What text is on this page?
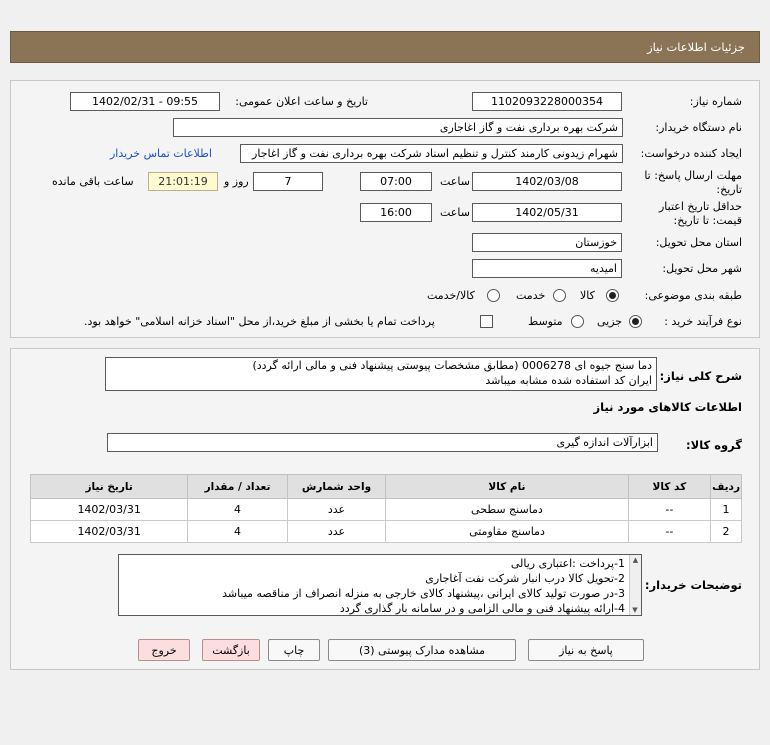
جزئیات اطلاعات نیاز
شماره نیاز:
1102093228000354
تاریخ و ساعت اعلان عمومی:
1402/02/31 - 09:55
نام دستگاه خریدار:
شرکت بهره برداری نفت و گاز اغاجاری
ایجاد کننده درخواست:
شهرام زیدونی کارمند کنترل و تنظیم اسناد شرکت بهره برداری نفت و گاز اغاجار
اطلاعات تماس خریدار
مهلت ارسال پاسخ: تا
تاریخ:
1402/03/08
ساعت
07:00
7
روز و
21:01:19
ساعت باقی مانده
حداقل تاریخ اعتبار
قیمت: تا تاریخ:
1402/05/31
ساعت
16:00
استان محل تحویل:
خوزستان
شهر محل تحویل:
امیدیه
طبقه بندی موضوعی:
کالا
خدمت
کالا/خدمت
نوع فرآیند خرید :
جزیی
متوسط
پرداخت تمام یا بخشی از مبلغ خرید،از محل "اسناد خزانه اسلامی" خواهد بود.
شرح کلی نیاز:
دما سنج جیوه ای 0006278 (مطابق مشخصات پیوستی پیشنهاد فنی و مالی ارائه گردد)
ایران کد استفاده شده مشابه میباشد
اطلاعات کالاهای مورد نیاز
گروه کالا:
ابزارآلات اندازه گیری
ردیف	کد کالا	نام کالا	واحد شمارش	تعداد / مقدار	تاریخ نیاز
1	--	دماسنج سطحی	عدد	4	1402/03/31
2	--	دماسنج مقاومتی	عدد	4	1402/03/31
توضیحات خریدار:
1-پرداخت :اعتباری ریالی
2-تحویل کالا درب انبار شرکت نفت آغاجاری
3-در صورت تولید کالای ایرانی ،پیشنهاد کالای خارجی به منزله انصراف از مناقصه میباشد
4-ارائه پیشنهاد فنی و مالی الزامی و در سامانه بار گذاری گردد
▲
▼
پاسخ به نیاز
مشاهده مدارک پیوستی (3)
چاپ
بازگشت
خروج
